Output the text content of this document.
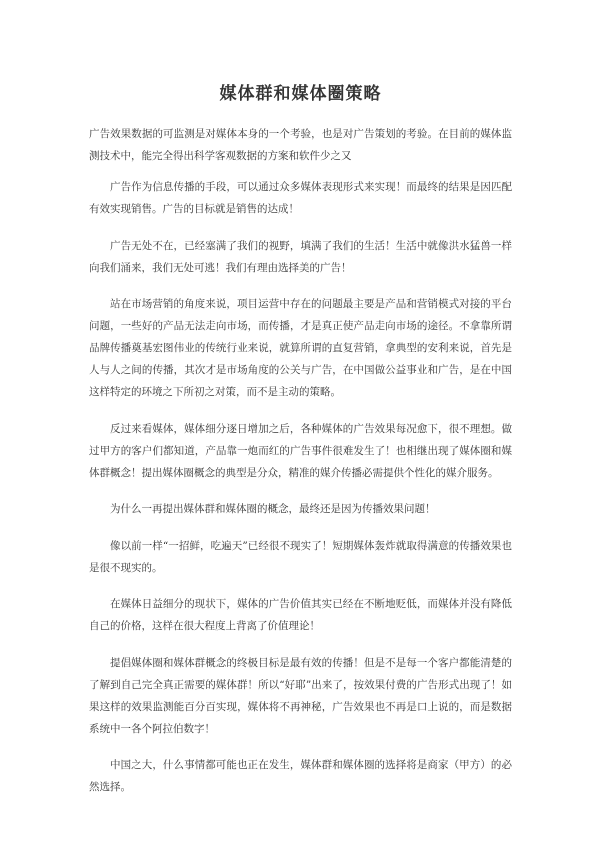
媒体群和媒体圈策略

广告效果数据的可监测是对媒体本身的一个考验，也是对广告策划的考验。在目前的媒体监测技术中，能完全得出科学客观数据的方案和软件少之又

广告作为信息传播的手段，可以通过众多媒体表现形式来实现！而最终的结果是因匹配有效实现销售。广告的目标就是销售的达成！

广告无处不在，已经塞满了我们的视野，填满了我们的生活！生活中就像洪水猛兽一样向我们涌来，我们无处可逃！我们有理由选择美的广告！

站在市场营销的角度来说，项目运营中存在的问题最主要是产品和营销模式对接的平台问题，一些好的产品无法走向市场，而传播，才是真正使产品走向市场的途径。不拿靠所谓品牌传播奠基宏图伟业的传统行业来说，就算所谓的直复营销，拿典型的安利来说，首先是人与人之间的传播，其次才是市场角度的公关与广告，在中国做公益事业和广告，是在中国这样特定的环境之下所初之对策，而不是主动的策略。

反过来看媒体，媒体细分逐日增加之后，各种媒体的广告效果每况愈下，很不理想。做过甲方的客户们都知道，产品靠一炮而红的广告事件很难发生了！也相继出现了媒体圈和媒体群概念！提出媒体圈概念的典型是分众，精准的媒介传播必需提供个性化的媒介服务。

为什么一再提出媒体群和媒体圈的概念，最终还是因为传播效果问题！

像以前一样“一招鲜，吃遍天”已经很不现实了！短期媒体轰炸就取得满意的传播效果也是很不现实的。

在媒体日益细分的现状下，媒体的广告价值其实已经在不断地贬低，而媒体并没有降低自己的价格，这样在很大程度上背离了价值理论！

提倡媒体圈和媒体群概念的终极目标是最有效的传播！但是不是每一个客户都能清楚的了解到自己完全真正需要的媒体群！所以“好耶”出来了，按效果付费的广告形式出现了！如果这样的效果监测能百分百实现，媒体将不再神秘，广告效果也不再是口上说的，而是数据系统中一各个阿拉伯数字！

中国之大，什么事情都可能也正在发生，媒体群和媒体圈的选择将是商家（甲方）的必然选择。
